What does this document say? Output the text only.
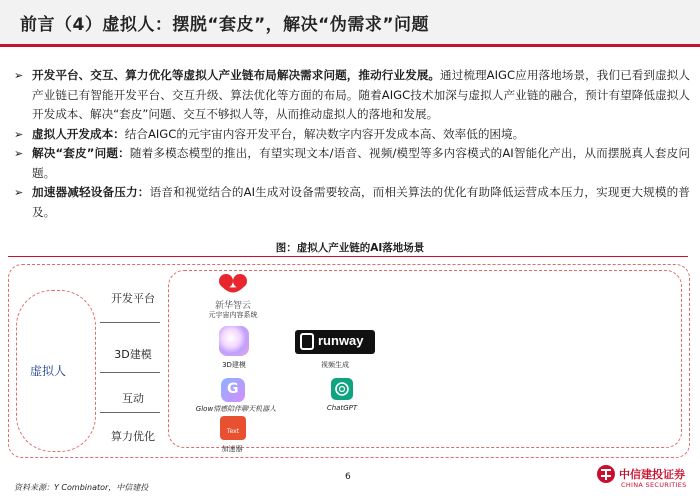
前言（4）虚拟人：摆脱“套皮”，解决“伪需求”问题
➢ 开发平台、交互、算力优化等虚拟人产业链布局解决需求问题，推动行业发展。通过梳理AIGC应用落地场景，我们已看到虚拟人产业链已有智能开发平台、交互升级、算法优化等方面的布局。随着AIGC技术加深与虚拟人产业链的融合，预计有望降低虚拟人开发成本、解决“套皮”问题、交互不够拟人等，从而推动虚拟人的落地和发展。
➢ 虚拟人开发成本：结合AIGC的元宇宙内容开发平台，解决数字内容开发成本高、效率低的困境。
➢ 解决“套皮”问题：随着多模态模型的推出，有望实现文本/语音、视频/模型等多内容模式的AI智能化产出，从而摆脱真人套皮问题。
➢ 加速器减轻设备压力：语音和视觉结合的AI生成对设备需要较高，而相关算法的优化有助降低运营成本压力，实现更大规模的普及。
图：虚拟人产业链的AI落地场景
虚拟人
开发平台
3D建模
互动
算力优化
新华智云
元宇宙内容系统
3D建模
runway
视频生成
G
Glow情感陪伴聊天机器人	ChatGPT
Text
加速器
6
资料来源：Y Combinator，中信建投
中信建投证券
CHINA SECURITIES
